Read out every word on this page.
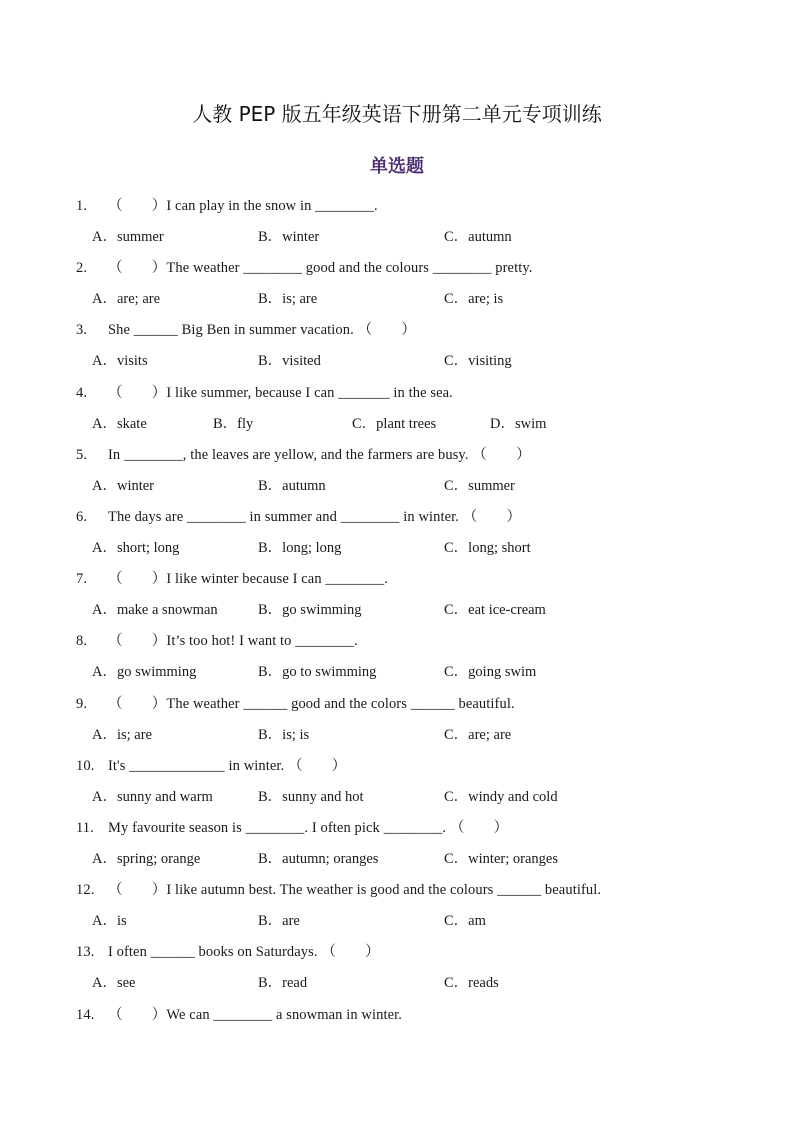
人教 PEP 版五年级英语下册第二单元专项训练
单选题
1. （　　）I can play in the snow in ________.
A．summer	B．winter	C．autumn
2. （　　）The weather ________ good and the colours ________ pretty.
A．are; are	B．is; are	C．are; is
3. She ______ Big Ben in summer vacation. （　　）
A．visits	B．visited	C．visiting
4. （　　）I like summer, because I can _______ in the sea.
A．skate	B．fly	C．plant trees	D．swim
5. In ________, the leaves are yellow, and the farmers are busy. （　　）
A．winter	B．autumn	C．summer
6. The days are ________ in summer and ________ in winter. （　　）
A．short; long	B．long; long	C．long; short
7. （　　）I like winter because I can ________.
A．make a snowman	B．go swimming	C．eat ice-cream
8. （　　）It’s too hot! I want to ________.
A．go swimming	B．go to swimming	C．going swim
9. （　　）The weather ______ good and the colors ______ beautiful.
A．is; are	B．is; is	C．are; are
10. It's _____________ in winter. （　　）
A．sunny and warm	B．sunny and hot	C．windy and cold
11. My favourite season is ________. I often pick ________. （　　）
A．spring; orange	B．autumn; oranges	C．winter; oranges
12. （　　）I like autumn best. The weather is good and the colours ______ beautiful.
A．is	B．are	C．am
13. I often ______ books on Saturdays. （　　）
A．see	B．read	C．reads
14. （　　）We can ________ a snowman in winter.
